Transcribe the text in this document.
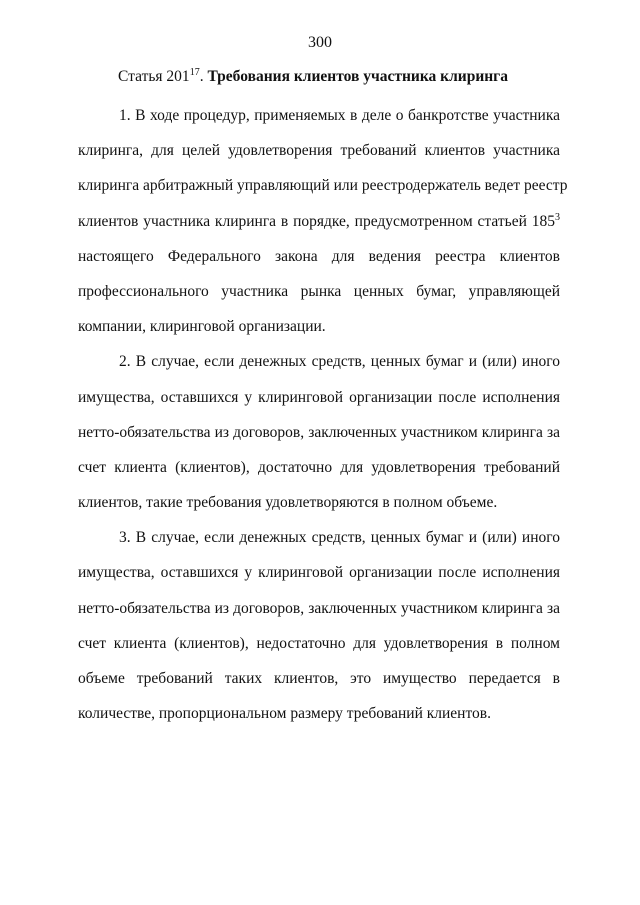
300
Статья $201^{17}$. Требования клиентов участника клиринга

1. В ходе процедур, применяемых в деле о банкротстве участника
клиринга, для целей удовлетворения требований клиентов участника
клиринга арбитражный управляющий или реестродержатель ведет реестр
клиентов участника клиринга в порядке, предусмотренном статьей $185^3$
настоящего Федерального закона для ведения реестра клиентов
профессионального участника рынка ценных бумаг, управляющей
компании, клиринговой организации.

2. В случае, если денежных средств, ценных бумаг и (или) иного
имущества, оставшихся у клиринговой организации после исполнения
нетто-обязательства из договоров, заключенных участником клиринга за
счет клиента (клиентов), достаточно для удовлетворения требований
клиентов, такие требования удовлетворяются в полном объеме.

3. В случае, если денежных средств, ценных бумаг и (или) иного
имущества, оставшихся у клиринговой организации после исполнения
нетто-обязательства из договоров, заключенных участником клиринга за
счет клиента (клиентов), недостаточно для удовлетворения в полном
объеме требований таких клиентов, это имущество передается в
количестве, пропорциональном размеру требований клиентов.
